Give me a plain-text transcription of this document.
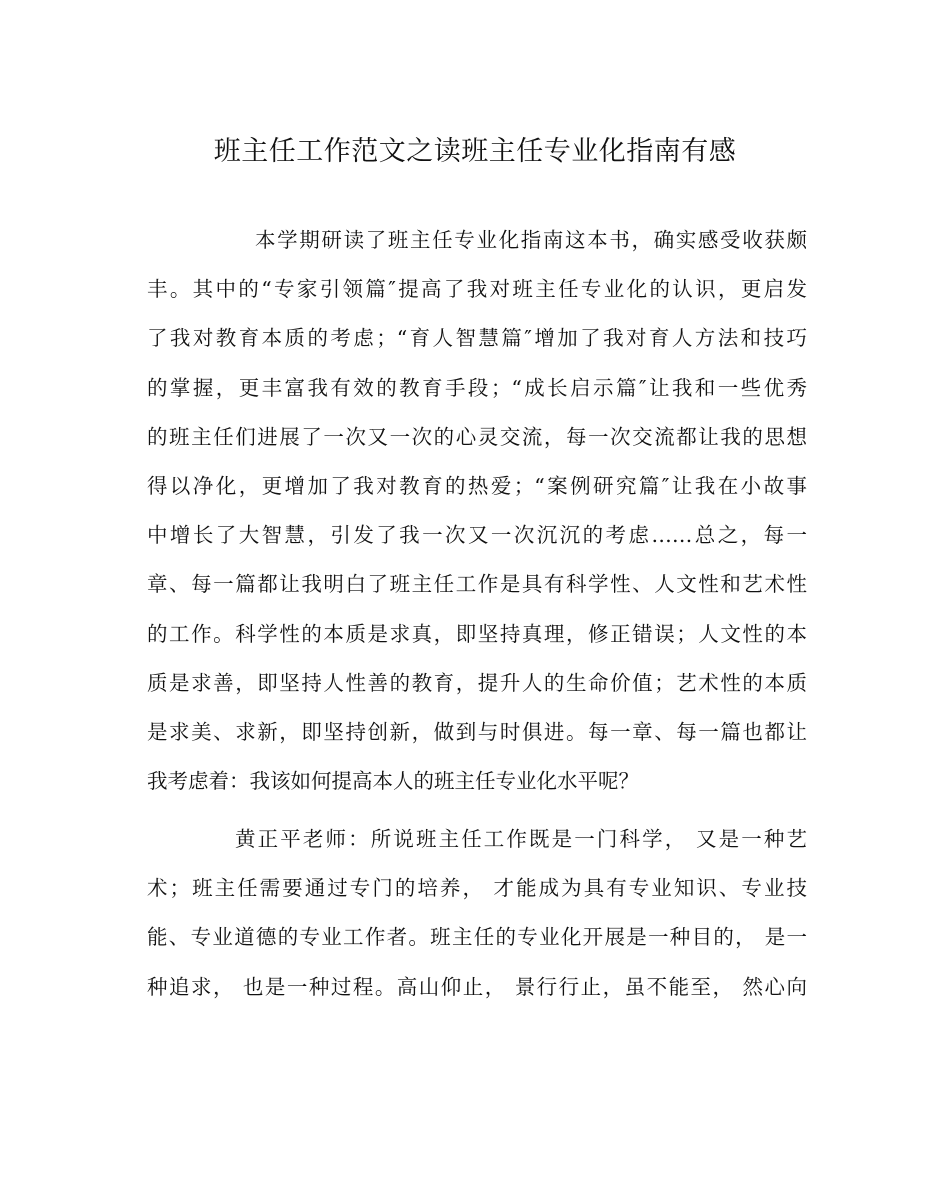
班主任工作范文之读班主任专业化指南有感
本学期研读了班主任专业化指南这本书，确实感受收获颇
丰。其中的“专家引领篇″提高了我对班主任专业化的认识，更启发
了我对教育本质的考虑；“育人智慧篇″增加了我对育人方法和技巧
的掌握，更丰富我有效的教育手段；“成长启示篇″让我和一些优秀
的班主任们进展了一次又一次的心灵交流，每一次交流都让我的思想
得以净化，更增加了我对教育的热爱；“案例研究篇″让我在小故事
中增长了大智慧，引发了我一次又一次沉沉的考虑……总之，每一
章、每一篇都让我明白了班主任工作是具有科学性、人文性和艺术性
的工作。科学性的本质是求真，即坚持真理，修正错误；人文性的本
质是求善，即坚持人性善的教育，提升人的生命价值；艺术性的本质
是求美、求新，即坚持创新，做到与时俱进。每一章、每一篇也都让
我考虑着：我该如何提高本人的班主任专业化水平呢？
黄正平老师：所说班主任工作既是一门科学， 又是一种艺
术；班主任需要通过专门的培养， 才能成为具有专业知识、专业技
能、专业道德的专业工作者。班主任的专业化开展是一种目的， 是一
种追求， 也是一种过程。高山仰止， 景行行止，虽不能至， 然心向
